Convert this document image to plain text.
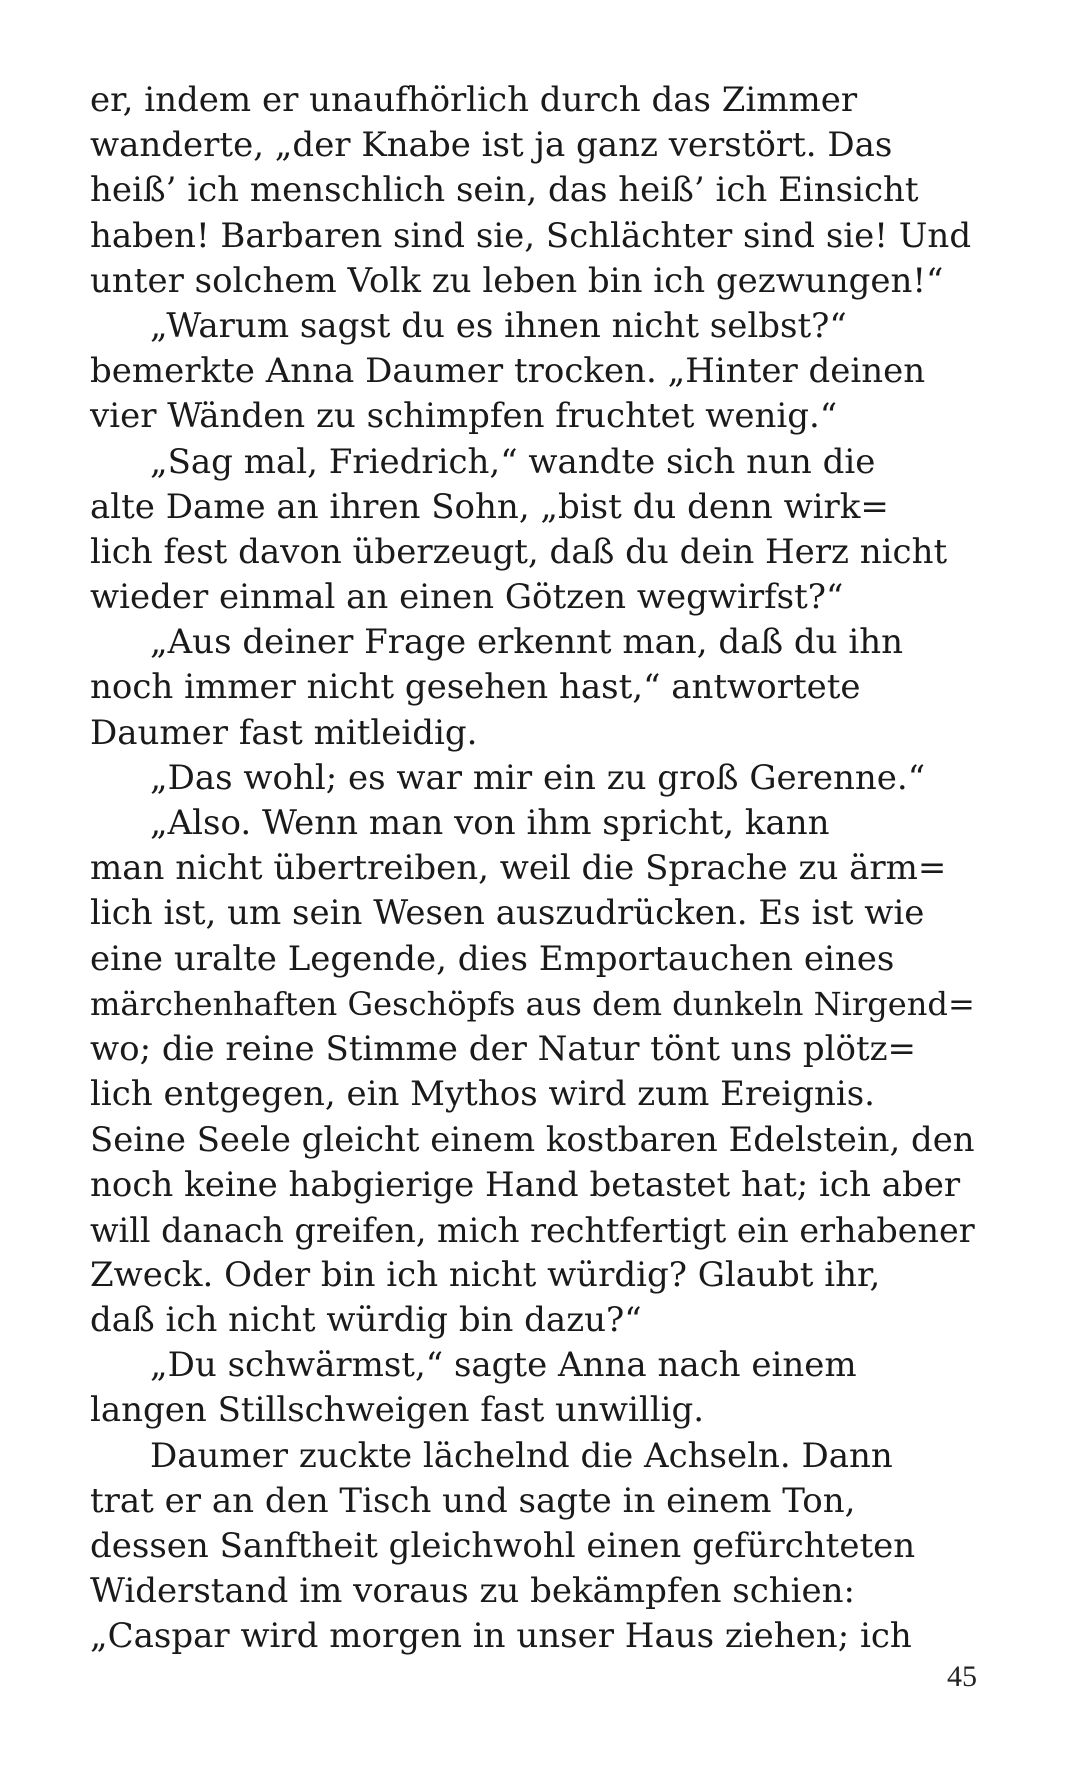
er, indem er unaufhörlich durch das Zimmer
wanderte, „der Knabe ist ja ganz verstört. Das
heiß’ ich menschlich sein, das heiß’ ich Einsicht
haben! Barbaren sind sie, Schlächter sind sie! Und
unter solchem Volk zu leben bin ich gezwungen!“
„Warum sagst du es ihnen nicht selbst?“
bemerkte Anna Daumer trocken. „Hinter deinen
vier Wänden zu schimpfen fruchtet wenig.“
„Sag mal, Friedrich,“ wandte sich nun die
alte Dame an ihren Sohn, „bist du denn wirk=
lich fest davon überzeugt, daß du dein Herz nicht
wieder einmal an einen Götzen wegwirfst?“
„Aus deiner Frage erkennt man, daß du ihn
noch immer nicht gesehen hast,“ antwortete
Daumer fast mitleidig.
„Das wohl; es war mir ein zu groß Gerenne.“
„Also. Wenn man von ihm spricht, kann
man nicht übertreiben, weil die Sprache zu ärm=
lich ist, um sein Wesen auszudrücken. Es ist wie
eine uralte Legende, dies Emportauchen eines
märchenhaften Geschöpfs aus dem dunkeln Nirgend=
wo; die reine Stimme der Natur tönt uns plötz=
lich entgegen, ein Mythos wird zum Ereignis.
Seine Seele gleicht einem kostbaren Edelstein, den
noch keine habgierige Hand betastet hat; ich aber
will danach greifen, mich rechtfertigt ein erhabener
Zweck. Oder bin ich nicht würdig? Glaubt ihr,
daß ich nicht würdig bin dazu?“
„Du schwärmst,“ sagte Anna nach einem
langen Stillschweigen fast unwillig.
Daumer zuckte lächelnd die Achseln. Dann
trat er an den Tisch und sagte in einem Ton,
dessen Sanftheit gleichwohl einen gefürchteten
Widerstand im voraus zu bekämpfen schien:
„Caspar wird morgen in unser Haus ziehen; ich
45
